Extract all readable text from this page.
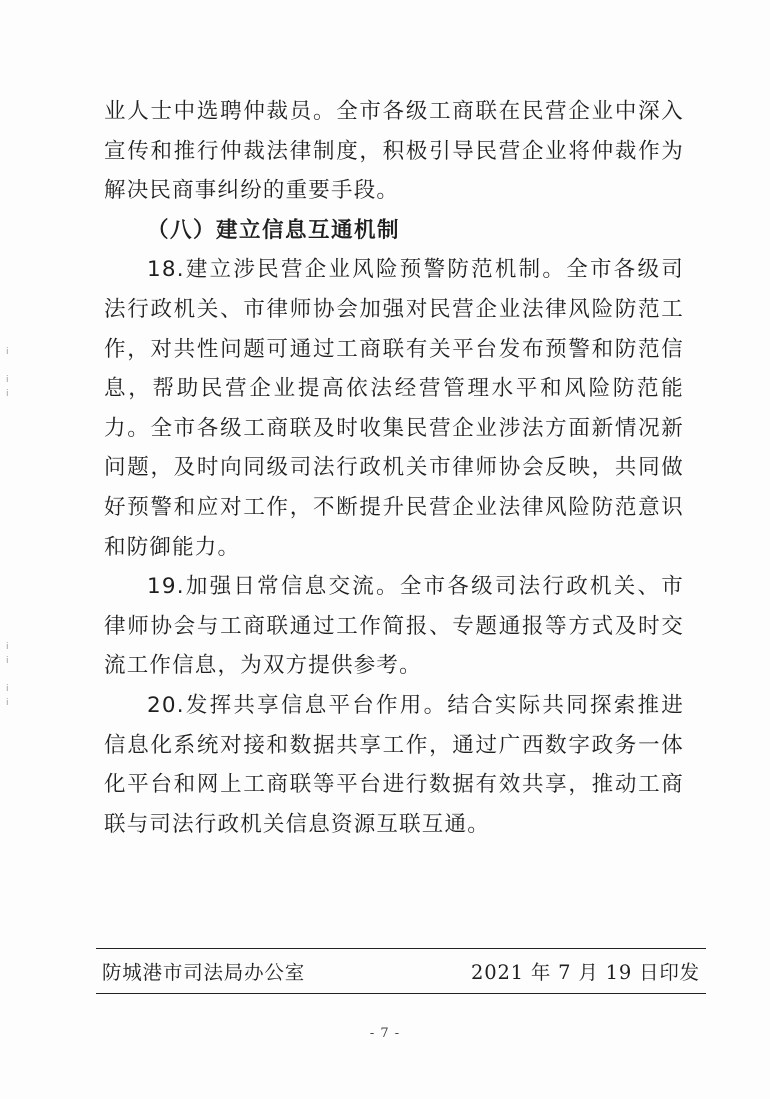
ⅰ

ⅰ
ⅰ
ⅰ
ⅰ

ⅰ
ⅰ

业人士中选聘仲裁员。全市各级工商联在民营企业中深入宣传和推行仲裁法律制度，积极引导民营企业将仲裁作为解决民商事纠纷的重要手段。

（八）建立信息互通机制

18.建立涉民营企业风险预警防范机制。全市各级司法行政机关、市律师协会加强对民营企业法律风险防范工作，对共性问题可通过工商联有关平台发布预警和防范信息，帮助民营企业提高依法经营管理水平和风险防范能力。全市各级工商联及时收集民营企业涉法方面新情况新问题，及时向同级司法行政机关市律师协会反映，共同做好预警和应对工作，不断提升民营企业法律风险防范意识和防御能力。

19.加强日常信息交流。全市各级司法行政机关、市律师协会与工商联通过工作简报、专题通报等方式及时交流工作信息，为双方提供参考。

20.发挥共享信息平台作用。结合实际共同探索推进信息化系统对接和数据共享工作，通过广西数字政务一体化平台和网上工商联等平台进行数据有效共享，推动工商联与司法行政机关信息资源互联互通。

防城港市司法局办公室	2021 年 7 月 19 日印发
- 7 -
